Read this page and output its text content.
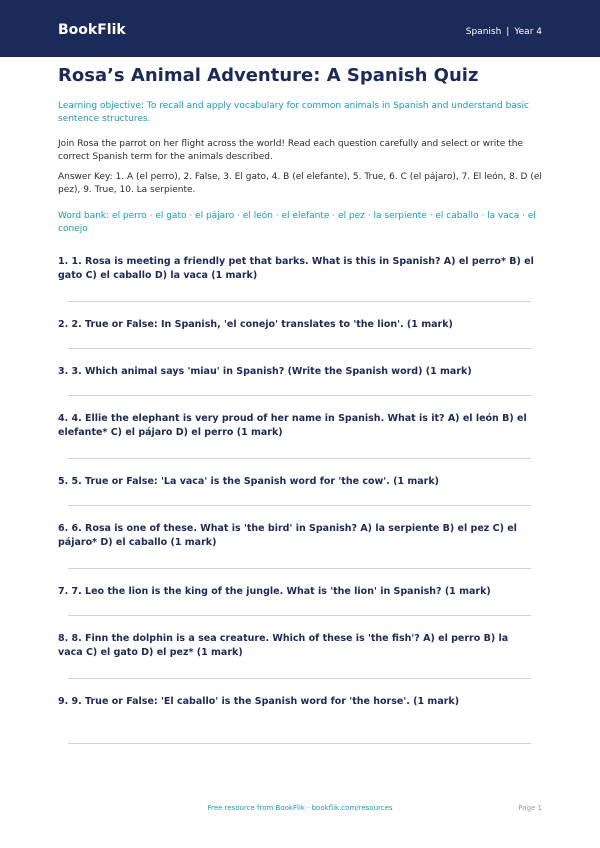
BookFlik	Spanish | Year 4
Rosa’s Animal Adventure: A Spanish Quiz

Learning objective: To recall and apply vocabulary for common animals in Spanish and understand basic sentence structures.

Join Rosa the parrot on her flight across the world! Read each question carefully and select or write the correct Spanish term for the animals described.

Answer Key: 1. A (el perro), 2. False, 3. El gato, 4. B (el elefante), 5. True, 6. C (el pájaro), 7. El león, 8. D (el pez), 9. True, 10. La serpiente.

Word bank: el perro · el gato · el pájaro · el león · el elefante · el pez · la serpiente · el caballo · la vaca · el conejo

1. 1. Rosa is meeting a friendly pet that barks. What is this in Spanish? A) el perro* B) el gato C) el caballo D) la vaca (1 mark)

2. 2. True or False: In Spanish, 'el conejo' translates to 'the lion'. (1 mark)

3. 3. Which animal says 'miau' in Spanish? (Write the Spanish word) (1 mark)

4. 4. Ellie the elephant is very proud of her name in Spanish. What is it? A) el león B) el elefante* C) el pájaro D) el perro (1 mark)

5. 5. True or False: 'La vaca' is the Spanish word for 'the cow'. (1 mark)

6. 6. Rosa is one of these. What is 'the bird' in Spanish? A) la serpiente B) el pez C) el pájaro* D) el caballo (1 mark)

7. 7. Leo the lion is the king of the jungle. What is 'the lion' in Spanish? (1 mark)

8. 8. Finn the dolphin is a sea creature. Which of these is 'the fish'? A) el perro B) la vaca C) el gato D) el pez* (1 mark)

9. 9. True or False: 'El caballo' is the Spanish word for 'the horse'. (1 mark)

Free resource from BookFlik · bookflik.com/resources	Page 1
